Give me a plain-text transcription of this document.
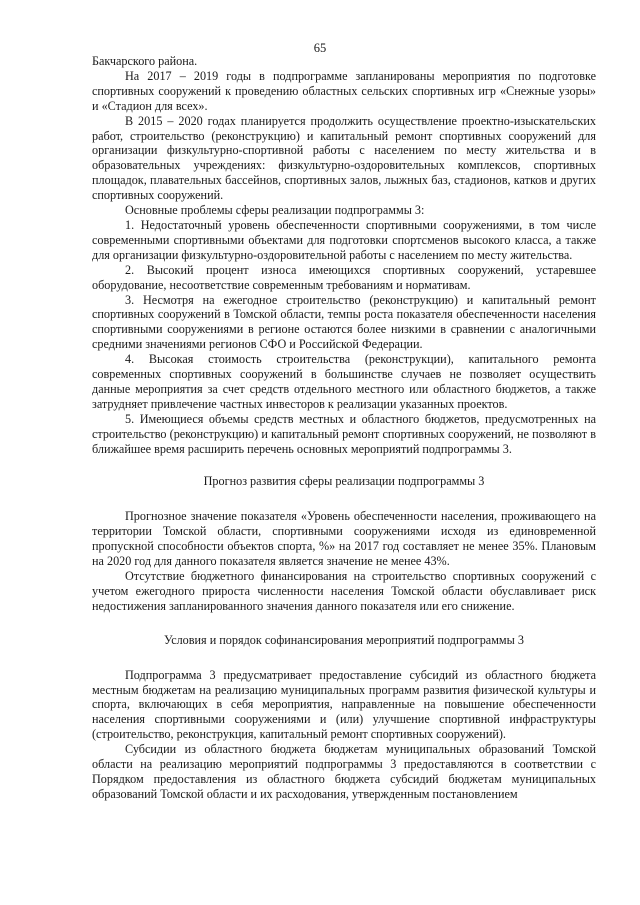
65

Бакчарского района.

На 2017 – 2019 годы в подпрограмме запланированы мероприятия по подготовке спортивных сооружений к проведению областных сельских спортивных игр «Снежные узоры» и «Стадион для всех».

В 2015 – 2020 годах планируется продолжить осуществление проектно-изыскательских работ, строительство (реконструкцию) и капитальный ремонт спортивных сооружений для организации физкультурно-спортивной работы с населением по месту жительства и в образовательных учреждениях: физкультурно-оздоровительных комплексов, спортивных площадок, плавательных бассейнов, спортивных залов, лыжных баз, стадионов, катков и других спортивных сооружений.

Основные проблемы сферы реализации подпрограммы 3:

1. Недостаточный уровень обеспеченности спортивными сооружениями, в том числе современными спортивными объектами для подготовки спортсменов высокого класса, а также для организации физкультурно-оздоровительной работы с населением по месту жительства.

2. Высокий процент износа имеющихся спортивных сооружений, устаревшее оборудование, несоответствие современным требованиям и нормативам.

3. Несмотря на ежегодное строительство (реконструкцию) и капитальный ремонт спортивных сооружений в Томской области, темпы роста показателя обеспеченности населения спортивными сооружениями в регионе остаются более низкими в сравнении с аналогичными средними значениями регионов СФО и Российской Федерации.

4. Высокая стоимость строительства (реконструкции), капитального ремонта современных спортивных сооружений в большинстве случаев не позволяет осуществить данные мероприятия за счет средств отдельного местного или областного бюджетов, а также затрудняет привлечение частных инвесторов к реализации указанных проектов.

5. Имеющиеся объемы средств местных и областного бюджетов, предусмотренных на строительство (реконструкцию) и капитальный ремонт спортивных сооружений, не позволяют в ближайшее время расширить перечень основных мероприятий подпрограммы 3.

Прогноз развития сферы реализации подпрограммы 3

Прогнозное значение показателя «Уровень обеспеченности населения, проживающего на территории Томской области, спортивными сооружениями исходя из единовременной пропускной способности объектов спорта, %» на 2017 год составляет не менее 35%. Плановым на 2020 год для данного показателя является значение не менее 43%.

Отсутствие бюджетного финансирования на строительство спортивных сооружений с учетом ежегодного прироста численности населения Томской области обуславливает риск недостижения запланированного значения данного показателя или его снижение.

Условия и порядок софинансирования мероприятий подпрограммы 3

Подпрограмма 3 предусматривает предоставление субсидий из областного бюджета местным бюджетам на реализацию муниципальных программ развития физической культуры и спорта, включающих в себя мероприятия, направленные на повышение обеспеченности населения спортивными сооружениями и (или) улучшение спортивной инфраструктуры (строительство, реконструкция, капитальный ремонт спортивных сооружений).

Субсидии из областного бюджета бюджетам муниципальных образований Томской области на реализацию мероприятий подпрограммы 3 предоставляются в соответствии с Порядком предоставления из областного бюджета субсидий бюджетам муниципальных образований Томской области и их расходования, утвержденным постановлением
